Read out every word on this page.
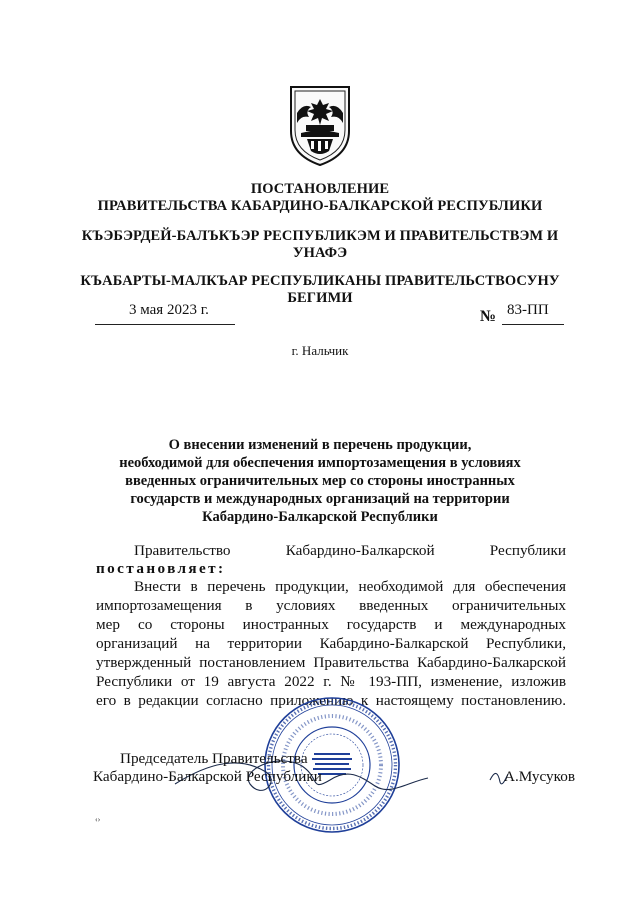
ПОСТАНОВЛЕНИЕ
ПРАВИТЕЛЬСТВА КАБАРДИНО-БАЛКАРСКОЙ РЕСПУБЛИКИ
КЪЭБЭРДЕЙ-БАЛЪКЪЭР РЕСПУБЛИКЭМ И ПРАВИТЕЛЬСТВЭМ И
УНАФЭ
КЪАБАРТЫ-МАЛКЪАР РЕСПУБЛИКАНЫ ПРАВИТЕЛЬСТВОСУНУ
БЕГИМИ
3 мая 2023 г.	№ 83-ПП
г. Нальчик
О внесении изменений в перечень продукции,
необходимой для обеспечения импортозамещения в условиях
введенных ограничительных мер со стороны иностранных
государств и международных организаций на территории
Кабардино-Балкарской Республики
Правительство Кабардино-Балкарской Республики
постановляет:
Внести в перечень продукции, необходимой для обеспечения
импортозамещения в условиях введенных ограничительных
мер со стороны иностранных государств и международных
организаций на территории Кабардино-Балкарской Республики,
утвержденный постановлением Правительства Кабардино-Балкарской
Республики от 19 августа 2022 г. № 193-ПП, изменение, изложив
его в редакции согласно приложению к настоящему постановлению.
Председатель Правительства
Кабардино-Балкарской Республики	А.Мусуков
‹›
